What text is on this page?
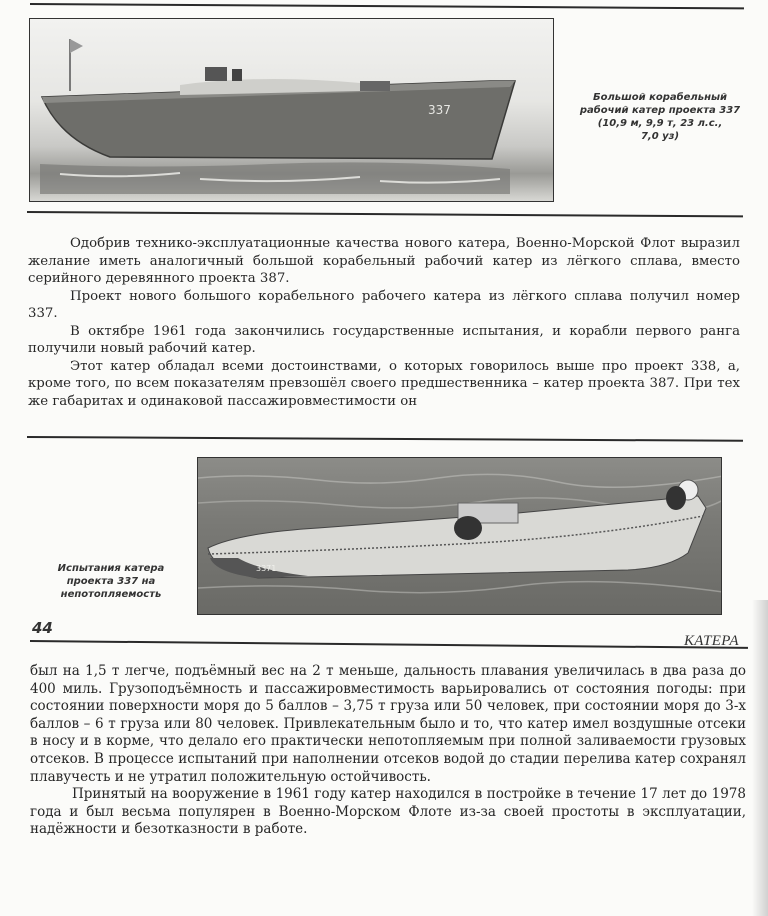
337
Большой корабельный
рабочий катер проекта 337
(10,9 м, 9,9 т, 23 л.с.,
7,0 уз)

Одобрив технико-эксплуатационные качества нового катера, Военно-Морской Флот выразил желание иметь аналогичный большой корабельный рабочий катер из лёгкого сплава, вместо серийного деревянного проекта 387.

Проект нового большого корабельного рабочего катера из лёгкого сплава получил номер 337.

В октябре 1961 года закончились государственные испытания, и корабли первого ранга получили новый рабочий катер.

Этот катер обладал всеми достоинствами, о которых говорилось выше про проект 338, а, кроме того, по всем показателям превзошёл своего предшественника – катер проекта 387. При тех же габаритах и одинаковой пассажировместимости он

3371
Испытания катера
проекта 337 на
непотопляемость
44
КАТЕРА

был на 1,5 т легче, подъёмный вес на 2 т меньше, дальность плавания увеличилась в два раза до 400 миль. Грузоподъёмность и пассажировместимость варьировались от состояния погоды: при состоянии поверхности моря до 5 баллов – 3,75 т груза или 50 человек, при состоянии моря до 3-х баллов – 6 т груза или 80 человек. Привлекательным было и то, что катер имел воздушные отсеки в носу и в корме, что делало его практически непотопляемым при полной заливаемости грузовых отсеков. В процессе испытаний при наполнении отсеков водой до стадии перелива катер сохранял плавучесть и не утратил положительную остойчивость.

Принятый на вооружение в 1961 году катер находился в постройке в течение 17 лет до 1978 года и был весьма популярен в Военно-Морском Флоте из-за своей простоты в эксплуатации, надёжности и безотказности в работе.
